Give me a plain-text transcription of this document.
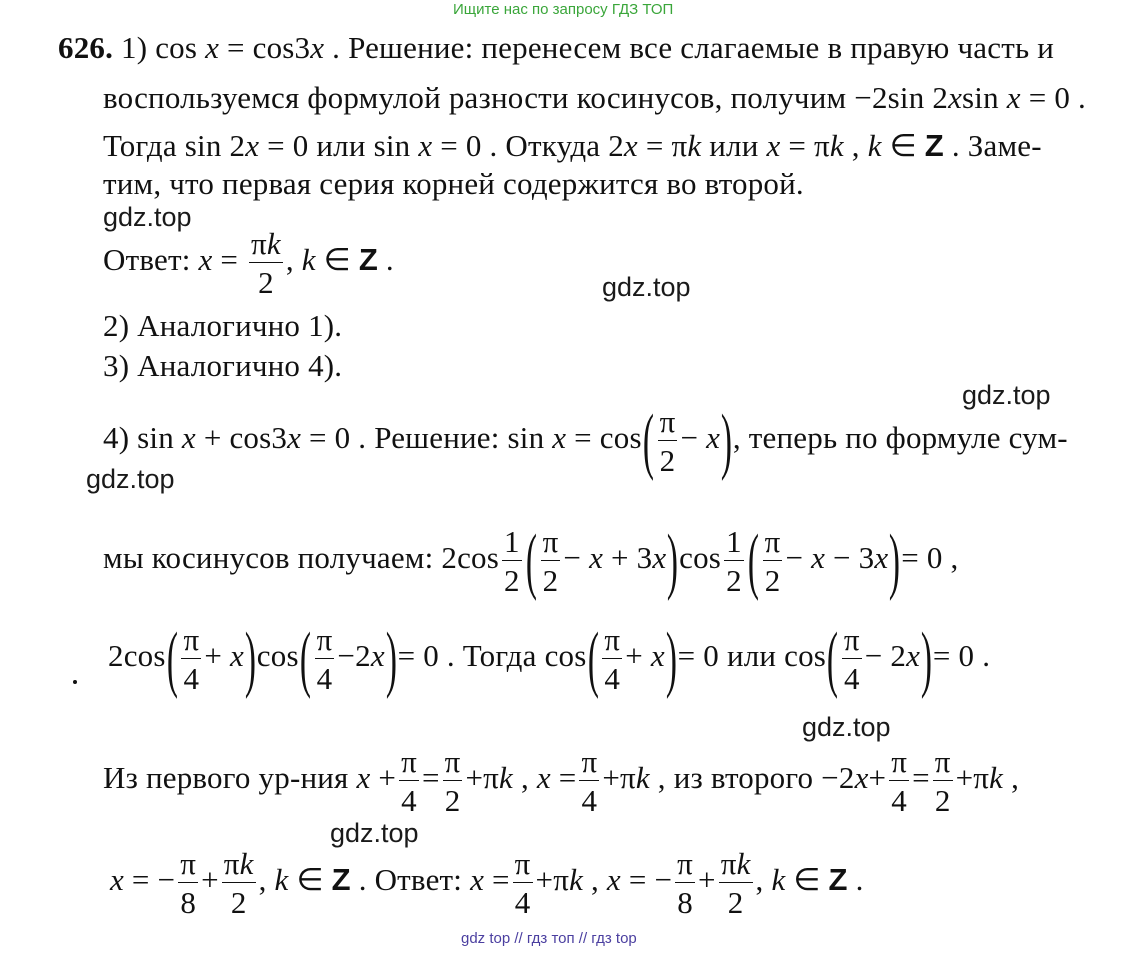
Ищите нас по запросу ГДЗ ТОП
626. 1) cos x = cos3x . Решение: перенесем все слагаемые в правую часть и
воспользуемся формулой разности косинусов, получим −2sin 2xsin x = 0 .
Тогда sin 2x = 0 или sin x = 0 . Откуда 2x = πk или x = πk , k ∈ Z . Заме-
тим, что первая серия корней содержится во второй.
gdz.top
Ответ: $x = \frac{\pi k}{2}$ , k ∈ Z .
gdz.top
2) Аналогично 1).
3) Аналогично 4).
gdz.top
4) sin x + cos3x = 0 . Решение: $\sin x = \cos( \frac{\pi}{2} - x)$, теперь по формуле сум-
gdz.top
мы косинусов получаем: $2\cos \frac{1}{2}$ ( $\frac{\pi}{2} - x + 3x)\cos \frac{1}{2}$ ( $\frac{\pi}{2} - x - 3x)= 0$ ,
$2\cos( \frac{\pi}{4} + x)\cos( \frac{\pi}{4} -2x)= 0$ . Тогда $\cos( \frac{\pi}{4} + x)= 0$ или $\cos( \frac{\pi}{4} - 2x)= 0$ .
gdz.top
Из первого ур-ния $x + \frac{\pi}{4} = \frac{\pi}{2} +\pi k$ , $x = \frac{\pi}{4} +\pi k$ , из второго $-2x+ \frac{\pi}{4} = \frac{\pi}{2} +\pi k$ ,
gdz.top
x = − $\frac{\pi}{8} + \frac{\pi k}{2}$ , k ∈ Z . Ответ: $x = \frac{\pi}{4} +\pi k$ , x = − $\frac{\pi}{8} + \frac{\pi k}{2}$ , k ∈ Z .
gdz top // гдз топ // гдз top
